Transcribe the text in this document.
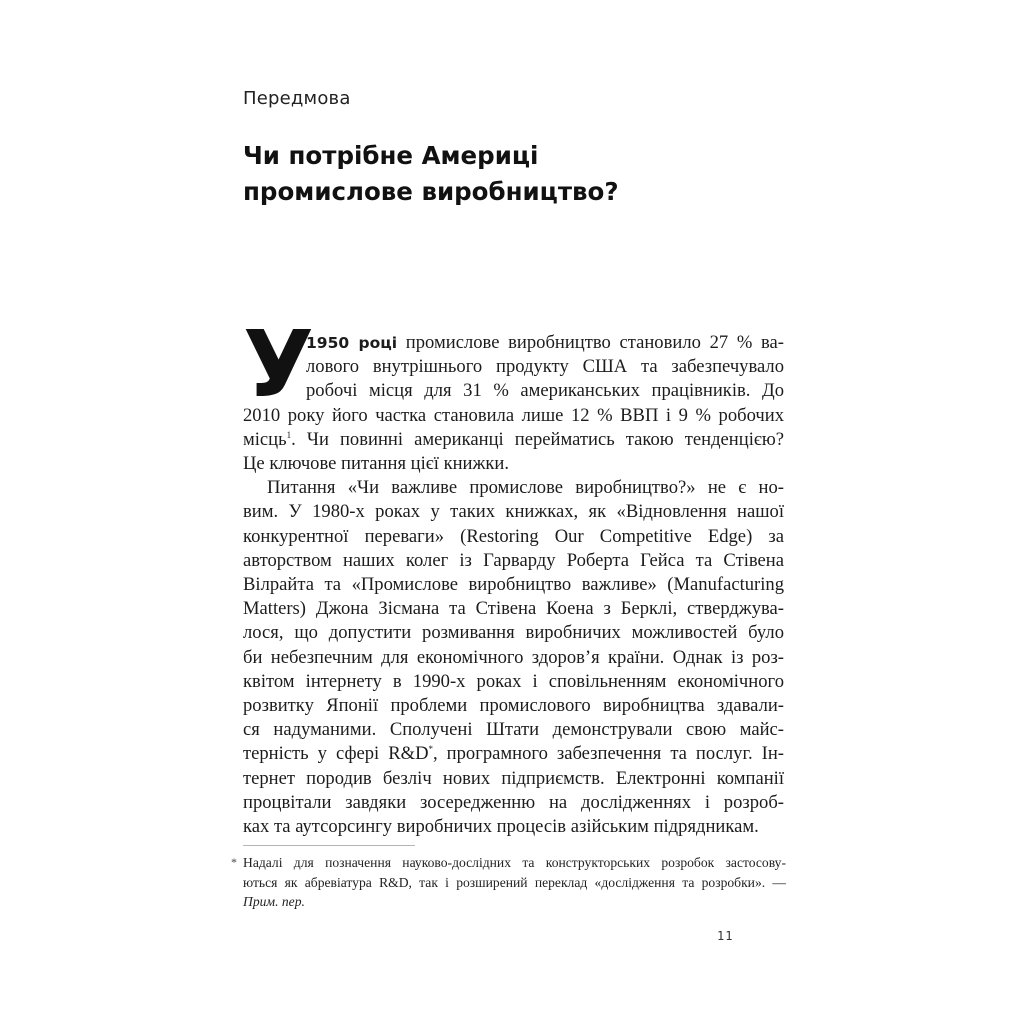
Передмова
Чи потрібне Америці промислове виробництво?

У
1950 році промислове виробництво становило 27 % ва-
лового внутрішнього продукту США та забезпечувало
робочі місця для 31 % американських працівників. До
2010 року його частка становила лише 12 % ВВП і 9 % робочих
місць$^1$. Чи повинні американці перейматись такою тенденцією?
Це ключове питання цієї книжки.

Питання «Чи важливе промислове виробництво?» не є но-
вим. У 1980-х роках у таких книжках, як «Відновлення нашої
конкурентної переваги» (Restoring Our Competitive Edge) за
авторством наших колег із Гарварду Роберта Гейса та Стівена
Вілрайта та «Промислове виробництво важливе» (Manufacturing
Matters) Джона Зісмана та Стівена Коена з Берклі, стверджува-
лося, що допустити розмивання виробничих можливостей було
би небезпечним для економічного здоров’я країни. Однак із роз-
квітом інтернету в 1990-х роках і сповільненням економічного
розвитку Японії проблеми промислового виробництва здавали-
ся надуманими. Сполучені Штати демонстрували свою майс-
терність у сфері R&D*, програмного забезпечення та послуг. Ін-
тернет породив безліч нових підприємств. Електронні компанії
процвітали завдяки зосередженню на дослідженнях і розроб-
ках та аутсорсингу виробничих процесів азійським підрядникам.

* Надалі для позначення науково-дослідних та конструкторських розробок застосову-
ються як абревіатура R&D, так і розширений переклад «дослідження та розробки». —
Прим. пер.
11
